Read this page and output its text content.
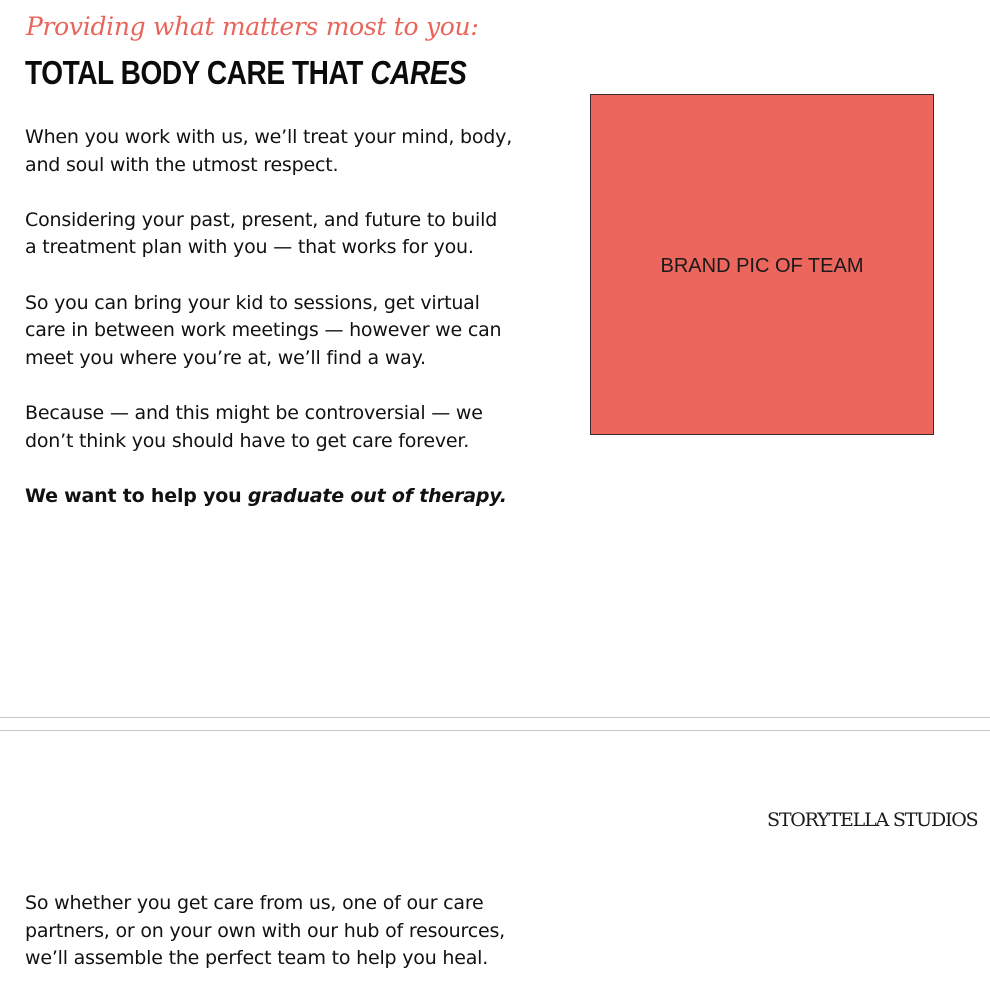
Providing what matters most to you:
TOTAL BODY CARE THAT CARES

When you work with us, we’ll treat your mind, body,
and soul with the utmost respect.

Considering your past, present, and future to build
a treatment plan with you — that works for you.

So you can bring your kid to sessions, get virtual
care in between work meetings — however we can
meet you where you’re at, we’ll find a way.

Because — and this might be controversial — we
don’t think you should have to get care forever.

We want to help you graduate out of therapy.

BRAND PIC OF TEAM
STORYTELLA STUDIOS

So whether you get care from us, one of our care
partners, or on your own with our hub of resources,
we’ll assemble the perfect team to help you heal.
